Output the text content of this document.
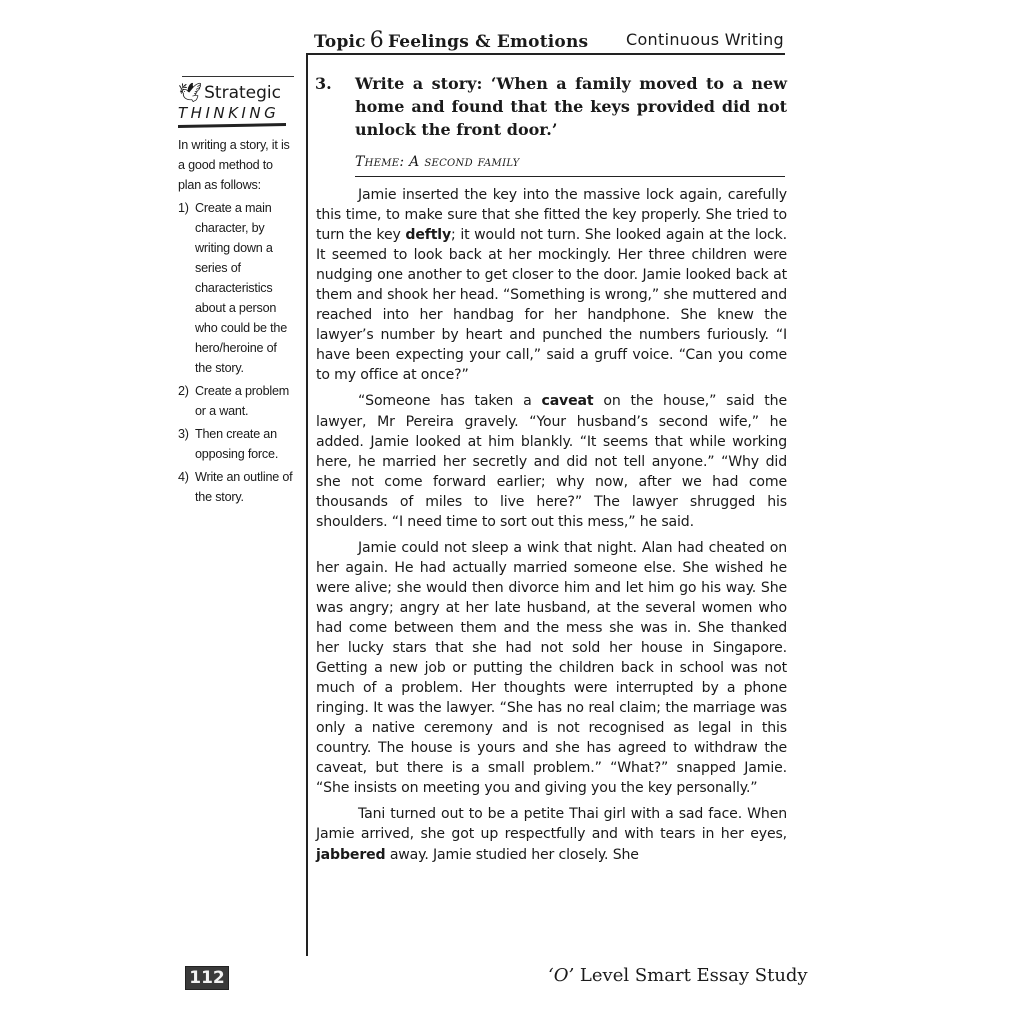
Topic 6 Feelings & Emotions Continuous Writing
🕊︎ Strategic
THINKING
In writing a story, it is a good method to plan as follows:
1) Create a main character, by writing down a series of characteristics about a person who could be the hero/heroine of the story.
2) Create a problem or a want.
3) Then create an opposing force.
4) Write an outline of the story.
3.	Write a story: ‘When a family moved to a new home and found that the keys provided did not unlock the front door.’
Theme: A second family

Jamie inserted the key into the massive lock again, carefully this time, to make sure that she fitted the key properly. She tried to turn the key deftly; it would not turn. She looked again at the lock. It seemed to look back at her mockingly. Her three children were nudging one another to get closer to the door. Jamie looked back at them and shook her head. “Something is wrong,” she muttered and reached into her handbag for her handphone. She knew the lawyer’s number by heart and punched the numbers furiously. “I have been expecting your call,” said a gruff voice. “Can you come to my office at once?”

“Someone has taken a caveat on the house,” said the lawyer, Mr Pereira gravely. “Your husband’s second wife,” he added. Jamie looked at him blankly. “It seems that while working here, he married her secretly and did not tell anyone.” “Why did she not come forward earlier; why now, after we had come thousands of miles to live here?” The lawyer shrugged his shoulders. “I need time to sort out this mess,” he said.

Jamie could not sleep a wink that night. Alan had cheated on her again. He had actually married someone else. She wished he were alive; she would then divorce him and let him go his way. She was angry; angry at her late husband, at the several women who had come between them and the mess she was in. She thanked her lucky stars that she had not sold her house in Singapore. Getting a new job or putting the children back in school was not much of a problem. Her thoughts were interrupted by a phone ringing. It was the lawyer. “She has no real claim; the marriage was only a native ceremony and is not recognised as legal in this country. The house is yours and she has agreed to withdraw the caveat, but there is a small problem.” “What?” snapped Jamie. “She insists on meeting you and giving you the key personally.”

Tani turned out to be a petite Thai girl with a sad face. When Jamie arrived, she got up respectfully and with tears in her eyes, jabbered away. Jamie studied her closely. She

112	‘O’ Level Smart Essay Study
